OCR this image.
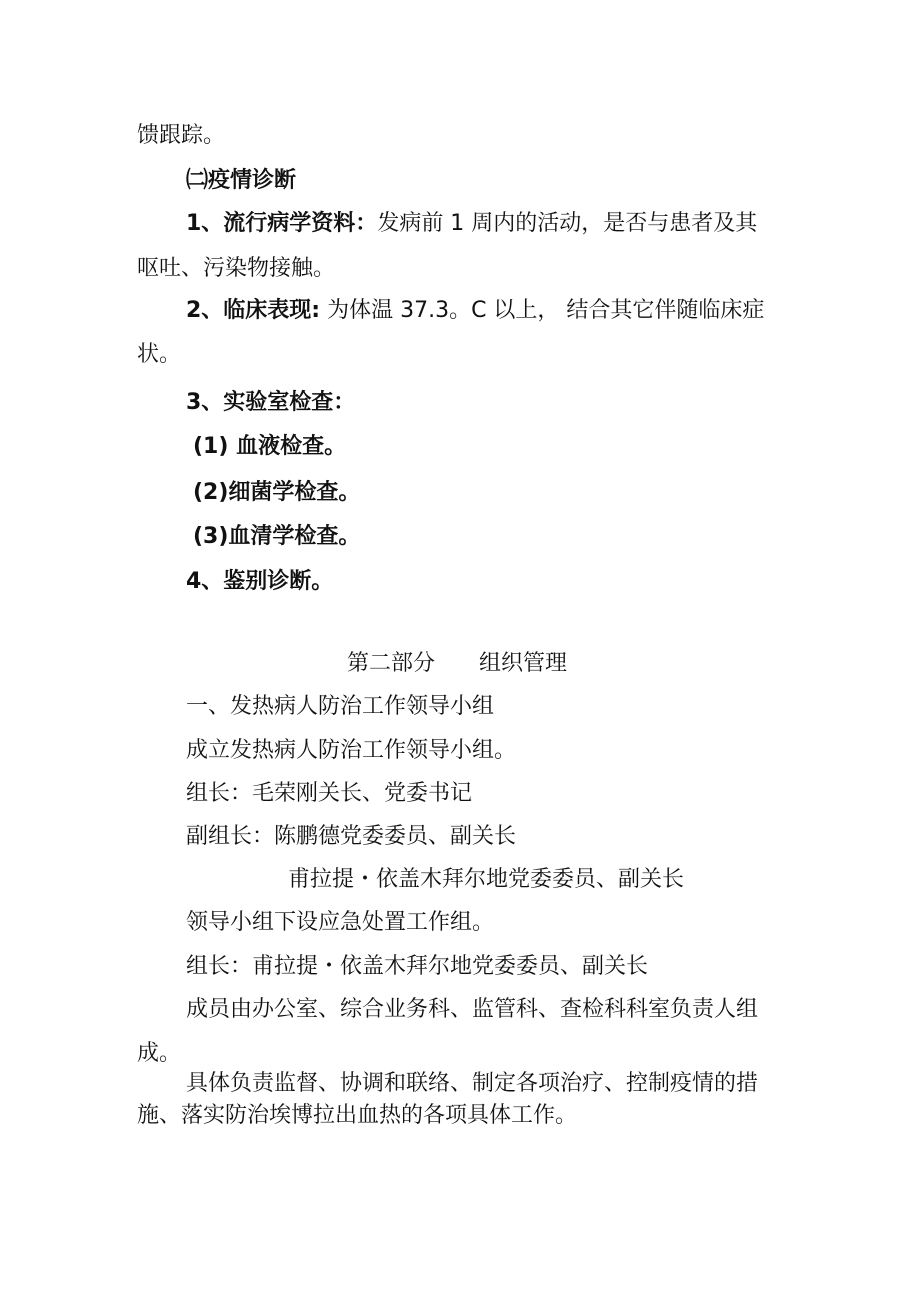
馈跟踪。
㈡疫情诊断
1、流行病学资料：发病前 1 周内的活动，是否与患者及其
呕吐、污染物接触。
2、临床表现: 为体温 37.3。C 以上， 结合其它伴随临床症
状。
3、实验室检查：
(1) 血液检查。
(2)细菌学检查。
(3)血清学检查。
4、鉴别诊断。
第二部分 组织管理
一、发热病人防治工作领导小组
成立发热病人防治工作领导小组。
组长：毛荣刚关长、党委书记
副组长：陈鹏德党委委员、副关长
甫拉提・依盖木拜尔地党委委员、副关长
领导小组下设应急处置工作组。
组长：甫拉提・依盖木拜尔地党委委员、副关长
成员由办公室、综合业务科、监管科、查检科科室负责人组
成。
具体负责监督、协调和联络、制定各项治疗、控制疫情的措
施、落实防治埃博拉出血热的各项具体工作。
